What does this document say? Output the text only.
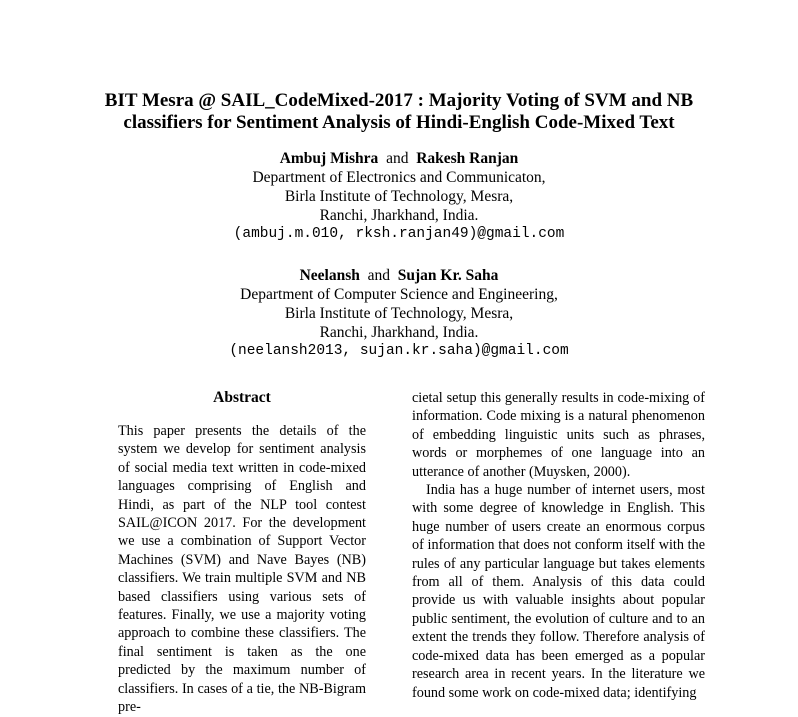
BIT Mesra @ SAIL_CodeMixed-2017 : Majority Voting of SVM and NB
classifiers for Sentiment Analysis of Hindi-English Code-Mixed Text
Ambuj Mishra and Rakesh Ranjan
Department of Electronics and Communicaton,
Birla Institute of Technology, Mesra,
Ranchi, Jharkhand, India.
(ambuj.m.010, rksh.ranjan49)@gmail.com
Neelansh and Sujan Kr. Saha
Department of Computer Science and Engineering,
Birla Institute of Technology, Mesra,
Ranchi, Jharkhand, India.
(neelansh2013, sujan.kr.saha)@gmail.com
Abstract

This paper presents the details of the system we develop for sentiment analysis of social media text written in code-mixed languages comprising of English and Hindi, as part of the NLP tool contest SAIL@ICON 2017. For the development we use a combination of Support Vector Machines (SVM) and Nave Bayes (NB) classifiers. We train multiple SVM and NB based classifiers using various sets of features. Finally, we use a majority voting approach to combine these classifiers. The final sentiment is taken as the one predicted by the maximum number of classifiers. In cases of a tie, the NB-Bigram pre-

cietal setup this generally results in code-mixing of information. Code mixing is a natural phenomenon of embedding linguistic units such as phrases, words or morphemes of one language into an utterance of another (Muysken, 2000).

India has a huge number of internet users, most with some degree of knowledge in English. This huge number of users create an enormous corpus of information that does not conform itself with the rules of any particular language but takes elements from all of them. Analysis of this data could provide us with valuable insights about popular public sentiment, the evolution of culture and to an extent the trends they follow. Therefore analysis of code-mixed data has been emerged as a popular research area in recent years. In the literature we found some work on code-mixed data; identifying
